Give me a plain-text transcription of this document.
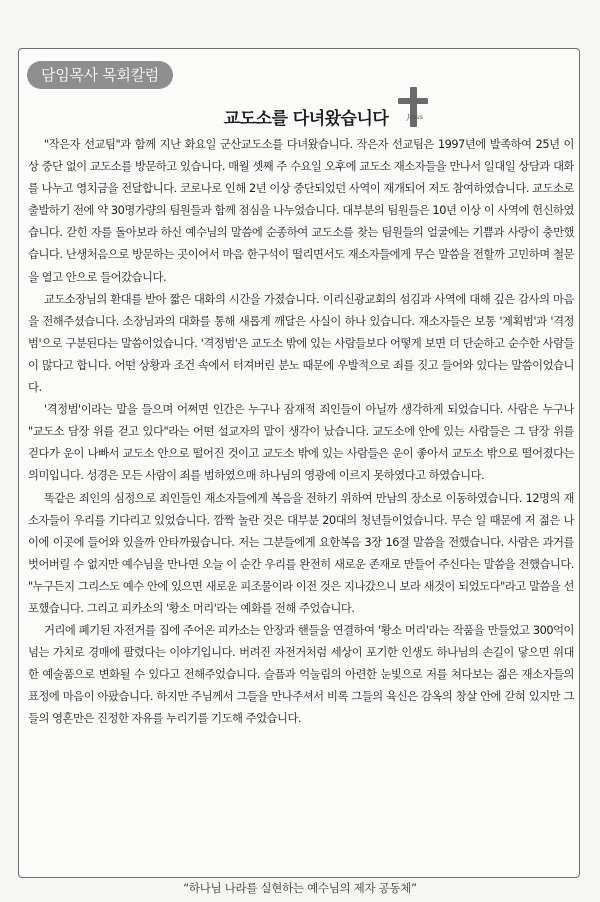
담임목사 목회칼럼
교도소를 다녀왔습니다	Jesus

"작은자 선교팀"과 함께 지난 화요일 군산교도소를 다녀왔습니다. 작은자 선교팀은 1997년에 발족하여 25년 이상 중단 없이 교도소를 방문하고 있습니다. 매월 셋째 주 수요일 오후에 교도소 재소자들을 만나서 일대일 상담과 대화를 나누고 영치금을 전달합니다. 코로나로 인해 2년 이상 중단되었던 사역이 재개되어 저도 참여하였습니다. 교도소로 출발하기 전에 약 30명가량의 팀원들과 함께 점심을 나누었습니다. 대부분의 팀원들은 10년 이상 이 사역에 헌신하였습니다. 갇힌 자를 돌아보라 하신 예수님의 말씀에 순종하여 교도소를 찾는 팀원들의 얼굴에는 기쁨과 사랑이 충만했습니다. 난생처음으로 방문하는 곳이어서 마음 한구석이 떨리면서도 재소자들에게 무슨 말씀을 전할까 고민하며 철문을 열고 안으로 들어갔습니다.

교도소장님의 환대를 받아 짧은 대화의 시간을 가졌습니다. 이리신광교회의 섬김과 사역에 대해 깊은 감사의 마음을 전해주셨습니다. 소장님과의 대화를 통해 새롭게 깨달은 사실이 하나 있습니다. 재소자들은 보통 '계획범'과 '격정범'으로 구분된다는 말씀이었습니다. '격정범'은 교도소 밖에 있는 사람들보다 어떻게 보면 더 단순하고 순수한 사람들이 많다고 합니다. 어떤 상황과 조건 속에서 터져버린 분노 때문에 우발적으로 죄를 짓고 들어와 있다는 말씀이었습니다.

'격정범'이라는 말을 들으며 어쩌면 인간은 누구나 잠재적 죄인들이 아닐까 생각하게 되었습니다. 사람은 누구나 "교도소 담장 위를 걷고 있다"라는 어떤 설교자의 말이 생각이 났습니다. 교도소에 안에 있는 사람들은 그 담장 위를 걷다가 운이 나빠서 교도소 안으로 떨어진 것이고 교도소 밖에 있는 사람들은 운이 좋아서 교도소 밖으로 떨어졌다는 의미입니다. 성경은 모든 사람이 죄를 범하였으매 하나님의 영광에 이르지 못하였다고 하였습니다.

똑같은 죄인의 심정으로 죄인들인 재소자들에게 복음을 전하기 위하여 만남의 장소로 이동하였습니다. 12명의 재소자들이 우리를 기다리고 있었습니다. 깜짝 놀란 것은 대부분 20대의 청년들이었습니다. 무슨 일 때문에 저 젊은 나이에 이곳에 들어와 있을까 안타까웠습니다. 저는 그분들에게 요한복음 3장 16절 말씀을 전했습니다. 사람은 과거를 벗어버릴 수 없지만 예수님을 만나면 오늘 이 순간 우리를 완전히 새로운 존재로 만들어 주신다는 말씀을 전했습니다. "누구든지 그리스도 예수 안에 있으면 새로운 피조물이라 이전 것은 지나갔으니 보라 새것이 되었도다"라고 말씀을 선포했습니다. 그리고 피카소의 '황소 머리'라는 예화를 전해 주었습니다.

거리에 폐기된 자전거를 집에 주어온 피카소는 안장과 핸들을 연결하여 '황소 머리'라는 작품을 만들었고 300억이 넘는 가치로 경매에 팔렸다는 이야기입니다. 버려진 자전거처럼 세상이 포기한 인생도 하나님의 손길이 닿으면 위대한 예술품으로 변화될 수 있다고 전해주었습니다. 슬픔과 억눌림의 아련한 눈빛으로 저를 쳐다보는 젊은 재소자들의 표정에 마음이 아팠습니다. 하지만 주님께서 그들을 만나주셔서 비록 그들의 육신은 감옥의 창살 안에 갇혀 있지만 그들의 영혼만은 진정한 자유를 누리기를 기도해 주었습니다.

“하나님 나라를 실현하는 예수님의 제자 공동체”
